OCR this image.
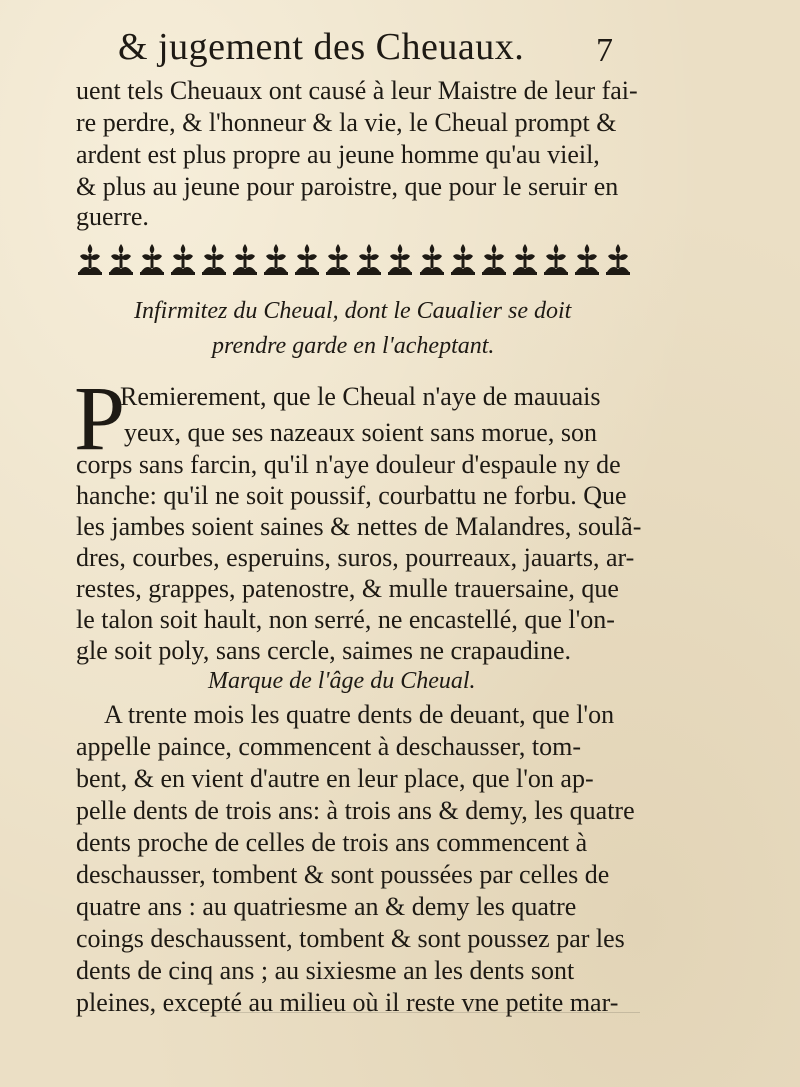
& jugement des Cheuaux. 7
uent tels Cheuaux ont causé à leur Maistre de leur fai-
re perdre, & l'honneur & la vie, le Cheual prompt &
ardent est plus propre au jeune homme qu'au vieil,
& plus au jeune pour paroistre, que pour le seruir en
guerre.
Infirmitez du Cheual, dont le Caualier se doit
prendre garde en l'acheptant.
P
Remierement, que le Cheual n'aye de mauuais
yeux, que ses nazeaux soient sans morue, son
corps sans farcin, qu'il n'aye douleur d'espaule ny de
hanche: qu'il ne soit poussif, courbattu ne forbu. Que
les jambes soient saines & nettes de Malandres, soulã-
dres, courbes, esperuins, suros, pourreaux, jauarts, ar-
restes, grappes, patenostre, & mulle trauersaine, que
le talon soit hault, non serré, ne encastellé, que l'on-
gle soit poly, sans cercle, saimes ne crapaudine.
Marque de l'âge du Cheual.
A trente mois les quatre dents de deuant, que l'on
appelle paince, commencent à deschausser, tom-
bent, & en vient d'autre en leur place, que l'on ap-
pelle dents de trois ans: à trois ans & demy, les quatre
dents proche de celles de trois ans commencent à
deschausser, tombent & sont poussées par celles de
quatre ans : au quatriesme an & demy les quatre
coings deschaussent, tombent & sont poussez par les
dents de cinq ans ; au sixiesme an les dents sont
pleines, excepté au milieu où il reste vne petite mar-
